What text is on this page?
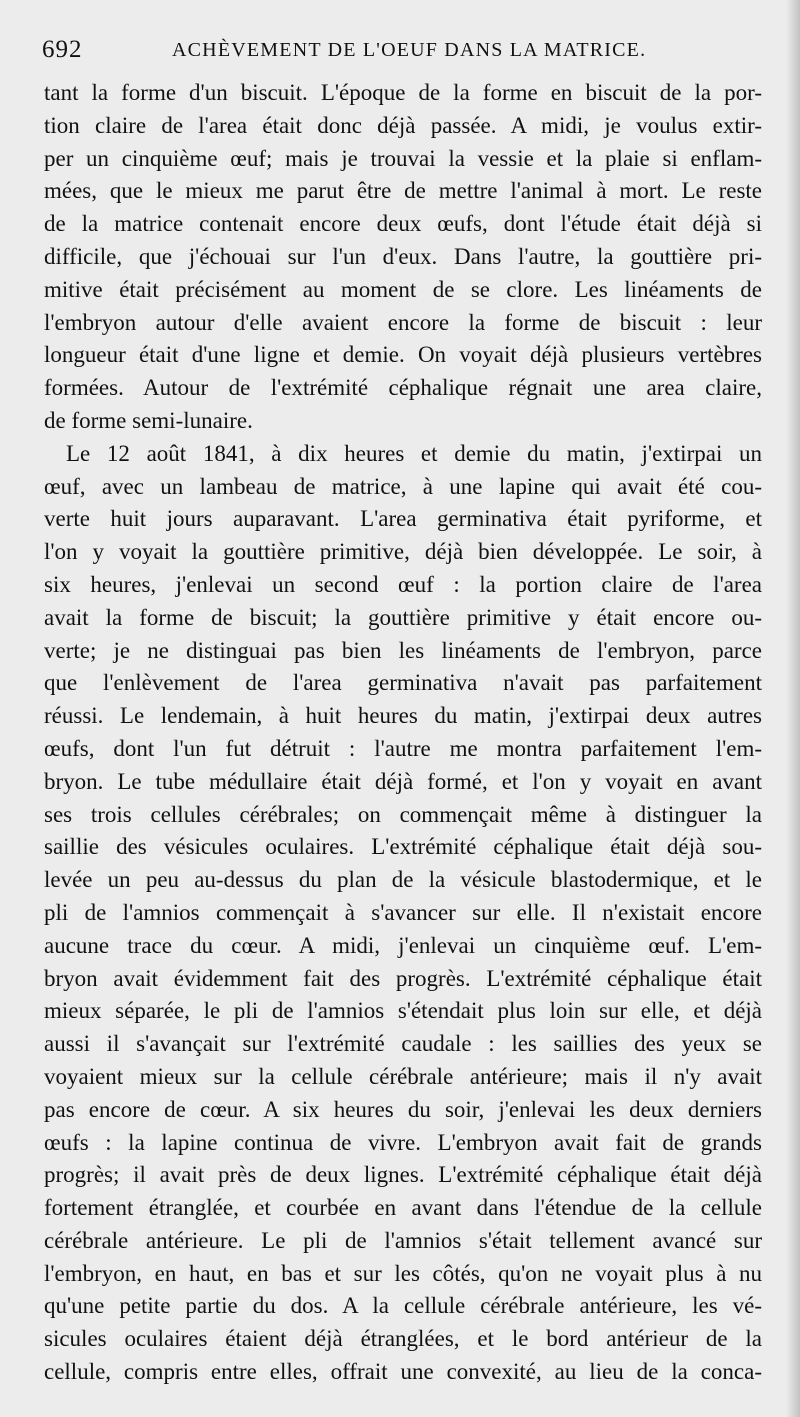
692	ACHÈVEMENT DE L'OEUF DANS LA MATRICE.
tant la forme d'un biscuit. L'époque de la forme en biscuit de la por-
tion claire de l'area était donc déjà passée. A midi, je voulus extir-
per un cinquième œuf; mais je trouvai la vessie et la plaie si enflam-
mées, que le mieux me parut être de mettre l'animal à mort. Le reste
de la matrice contenait encore deux œufs, dont l'étude était déjà si
difficile, que j'échouai sur l'un d'eux. Dans l'autre, la gouttière pri-
mitive était précisément au moment de se clore. Les linéaments de
l'embryon autour d'elle avaient encore la forme de biscuit : leur
longueur était d'une ligne et demie. On voyait déjà plusieurs vertèbres
formées. Autour de l'extrémité céphalique régnait une area claire,
de forme semi-lunaire.
Le 12 août 1841, à dix heures et demie du matin, j'extirpai un
œuf, avec un lambeau de matrice, à une lapine qui avait été cou-
verte huit jours auparavant. L'area germinativa était pyriforme, et
l'on y voyait la gouttière primitive, déjà bien développée. Le soir, à
six heures, j'enlevai un second œuf : la portion claire de l'area
avait la forme de biscuit; la gouttière primitive y était encore ou-
verte; je ne distinguai pas bien les linéaments de l'embryon, parce
que l'enlèvement de l'area germinativa n'avait pas parfaitement
réussi. Le lendemain, à huit heures du matin, j'extirpai deux autres
œufs, dont l'un fut détruit : l'autre me montra parfaitement l'em-
bryon. Le tube médullaire était déjà formé, et l'on y voyait en avant
ses trois cellules cérébrales; on commençait même à distinguer la
saillie des vésicules oculaires. L'extrémité céphalique était déjà sou-
levée un peu au-dessus du plan de la vésicule blastodermique, et le
pli de l'amnios commençait à s'avancer sur elle. Il n'existait encore
aucune trace du cœur. A midi, j'enlevai un cinquième œuf. L'em-
bryon avait évidemment fait des progrès. L'extrémité céphalique était
mieux séparée, le pli de l'amnios s'étendait plus loin sur elle, et déjà
aussi il s'avançait sur l'extrémité caudale : les saillies des yeux se
voyaient mieux sur la cellule cérébrale antérieure; mais il n'y avait
pas encore de cœur. A six heures du soir, j'enlevai les deux derniers
œufs : la lapine continua de vivre. L'embryon avait fait de grands
progrès; il avait près de deux lignes. L'extrémité céphalique était déjà
fortement étranglée, et courbée en avant dans l'étendue de la cellule
cérébrale antérieure. Le pli de l'amnios s'était tellement avancé sur
l'embryon, en haut, en bas et sur les côtés, qu'on ne voyait plus à nu
qu'une petite partie du dos. A la cellule cérébrale antérieure, les vé-
sicules oculaires étaient déjà étranglées, et le bord antérieur de la
cellule, compris entre elles, offrait une convexité, au lieu de la conca-
